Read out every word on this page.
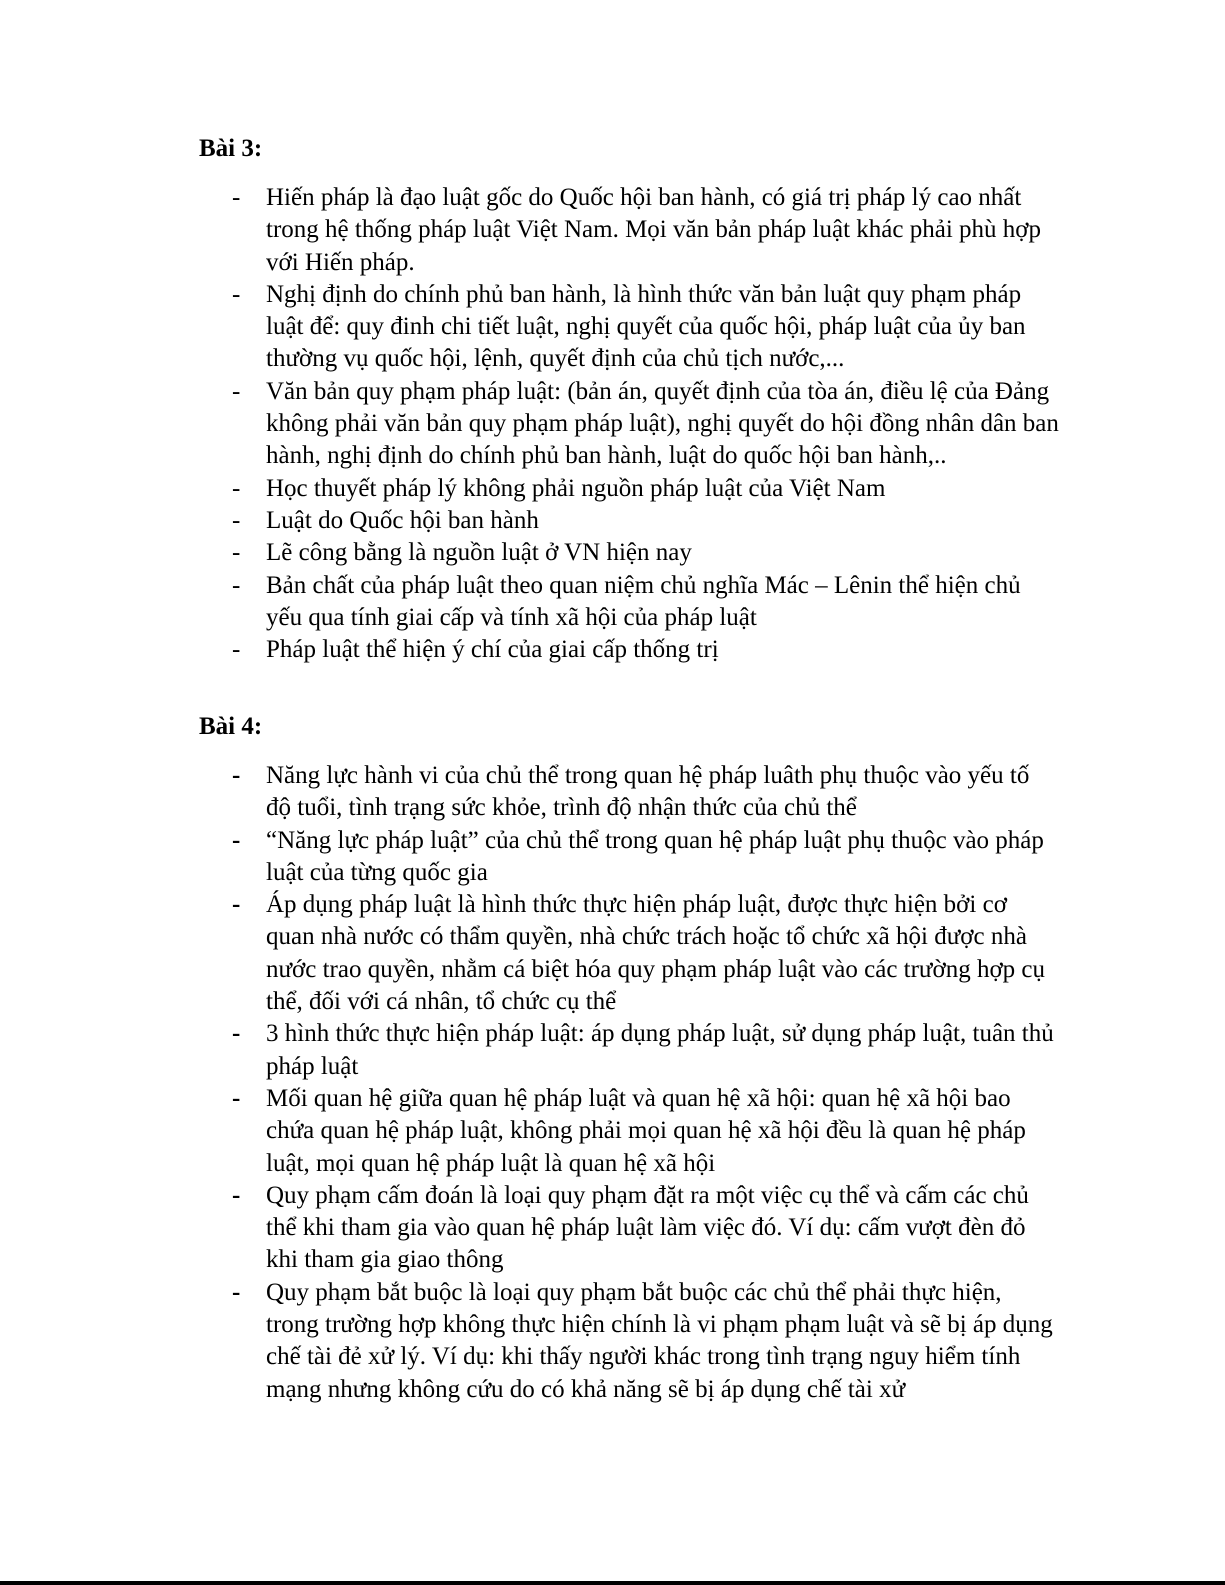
Bài 3:
- Hiến pháp là đạo luật gốc do Quốc hội ban hành, có giá trị pháp lý cao nhất trong hệ thống pháp luật Việt Nam. Mọi văn bản pháp luật khác phải phù hợp với Hiến pháp.
- Nghị định do chính phủ ban hành, là hình thức văn bản luật quy phạm pháp luật để: quy đinh chi tiết luật, nghị quyết của quốc hội, pháp luật của ủy ban thường vụ quốc hội, lệnh, quyết định của chủ tịch nước,...
- Văn bản quy phạm pháp luật: (bản án, quyết định của tòa án, điều lệ của Đảng không phải văn bản quy phạm pháp luật), nghị quyết do hội đồng nhân dân ban hành, nghị định do chính phủ ban hành, luật do quốc hội ban hành,..
- Học thuyết pháp lý không phải nguồn pháp luật của Việt Nam
- Luật do Quốc hội ban hành
- Lẽ công bằng là nguồn luật ở VN hiện nay
- Bản chất của pháp luật theo quan niệm chủ nghĩa Mác – Lênin thể hiện chủ yếu qua tính giai cấp và tính xã hội của pháp luật
- Pháp luật thể hiện ý chí của giai cấp thống trị
Bài 4:
- Năng lực hành vi của chủ thể trong quan hệ pháp luâth phụ thuộc vào yếu tố độ tuổi, tình trạng sức khỏe, trình độ nhận thức của chủ thể
- “Năng lực pháp luật” của chủ thể trong quan hệ pháp luật phụ thuộc vào pháp luật của từng quốc gia
- Áp dụng pháp luật là hình thức thực hiện pháp luật, được thực hiện bởi cơ quan nhà nước có thẩm quyền, nhà chức trách hoặc tổ chức xã hội được nhà nước trao quyền, nhằm cá biệt hóa quy phạm pháp luật vào các trường hợp cụ thể, đối với cá nhân, tổ chức cụ thể
- 3 hình thức thực hiện pháp luật: áp dụng pháp luật, sử dụng pháp luật, tuân thủ pháp luật
- Mối quan hệ giữa quan hệ pháp luật và quan hệ xã hội: quan hệ xã hội bao chứa quan hệ pháp luật, không phải mọi quan hệ xã hội đều là quan hệ pháp luật, mọi quan hệ pháp luật là quan hệ xã hội
- Quy phạm cấm đoán là loại quy phạm đặt ra một việc cụ thể và cấm các chủ thể khi tham gia vào quan hệ pháp luật làm việc đó. Ví dụ: cấm vượt đèn đỏ khi tham gia giao thông
- Quy phạm bắt buộc là loại quy phạm bắt buộc các chủ thể phải thực hiện, trong trường hợp không thực hiện chính là vi phạm phạm luật và sẽ bị áp dụng chế tài đẻ xử lý. Ví dụ: khi thấy người khác trong tình trạng nguy hiểm tính mạng nhưng không cứu do có khả năng sẽ bị áp dụng chế tài xử
